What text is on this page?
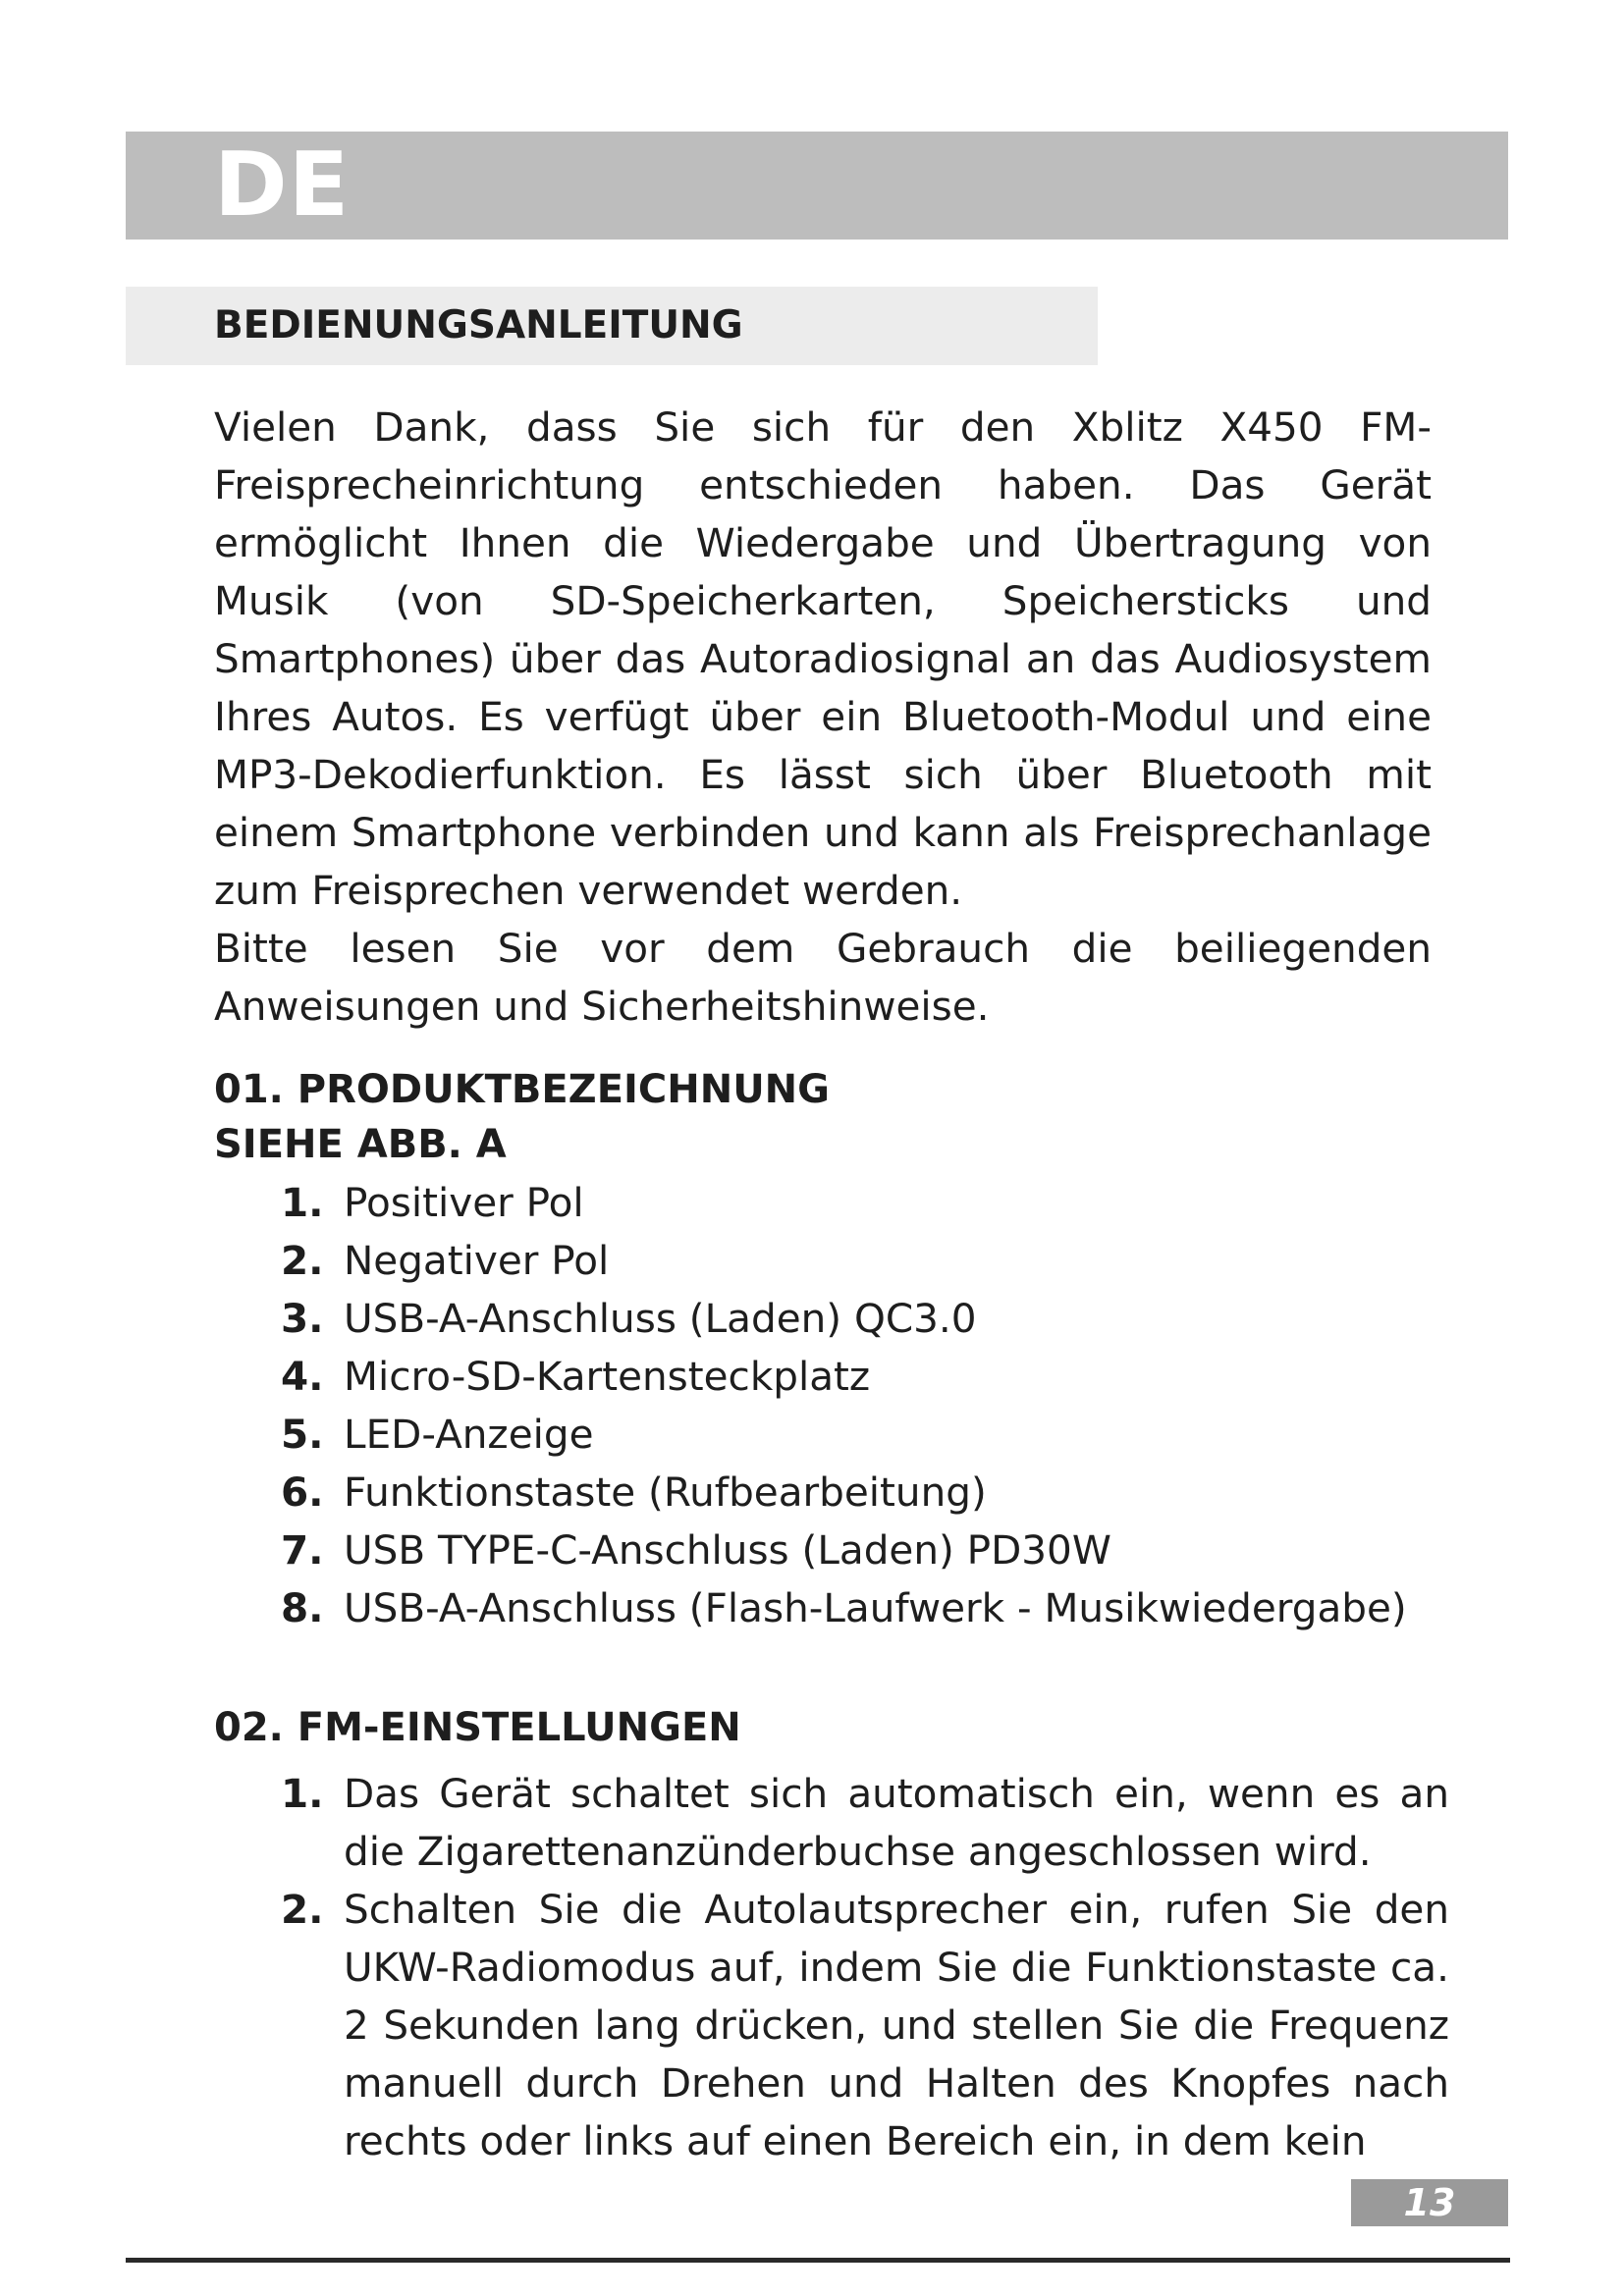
DE
BEDIENUNGSANLEITUNG

Vielen Dank, dass Sie sich für den Xblitz X450 FM-Freisprecheinrichtung entschieden haben. Das Gerät ermöglicht Ihnen die Wiedergabe und Übertragung von Musik (von SD-Speicherkarten, Speichersticks und Smartphones) über das Autoradiosignal an das Audiosystem Ihres Autos. Es verfügt über ein Bluetooth-Modul und eine MP3-Dekodierfunktion. Es lässt sich über Bluetooth mit einem Smartphone verbinden und kann als Freisprechanlage zum Freisprechen verwendet werden.

Bitte lesen Sie vor dem Gebrauch die beiliegenden Anweisungen und Sicherheitshinweise.

01. PRODUKTBEZEICHNUNG
SIEHE ABB. A
1. Positiver Pol
2. Negativer Pol
3. USB-A-Anschluss (Laden) QC3.0
4. Micro-SD-Kartensteckplatz
5. LED-Anzeige
6. Funktionstaste (Rufbearbeitung)
7. USB TYPE-C-Anschluss (Laden) PD30W
8. USB-A-Anschluss (Flash-Laufwerk - Musikwiedergabe)
02. FM-EINSTELLUNGEN
1. Das Gerät schaltet sich automatisch ein, wenn es an die Zigarettenanzünderbuchse angeschlossen wird.
2. Schalten Sie die Autolautsprecher ein, rufen Sie den UKW-Radiomodus auf, indem Sie die Funktionstaste ca. 2 Sekunden lang drücken, und stellen Sie die Frequenz manuell durch Drehen und Halten des Knopfes nach rechts oder links auf einen Bereich ein, in dem kein
13
